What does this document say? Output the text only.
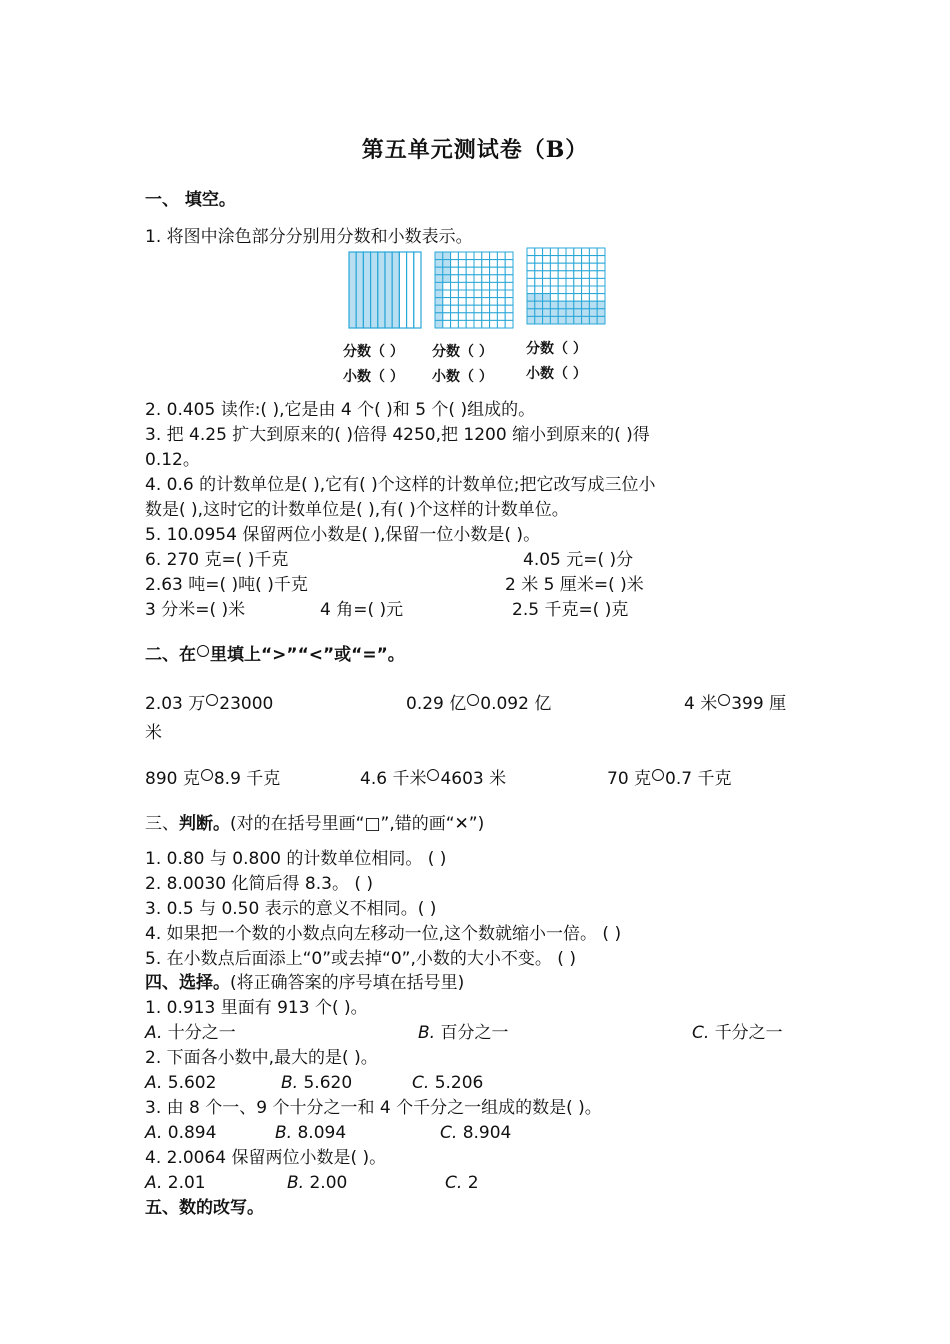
第五单元测试卷（B）
一、 填空。
1. 将图中涂色部分分别用分数和小数表示。
分数（ ）
小数（ ）
分数（ ）
小数（ ）
分数（ ）
小数（ ）
2. 0.405 读作:( ),它是由 4 个( )和 5 个( )组成的。
3. 把 4.25 扩大到原来的( )倍得 4250,把 1200 缩小到原来的( )得
0.12。
4. 0.6 的计数单位是( ),它有( )个这样的计数单位;把它改写成三位小
数是( ),这时它的计数单位是( ),有( )个这样的计数单位。
5. 10.0954 保留两位小数是( ),保留一位小数是( )。
6. 270 克=( )千克	4.05 元=( )分
2.63 吨=( )吨( )千克	2 米 5 厘米=( )米
3 分米=( )米	4 角=( )元	2.5 千克=( )克
二、在 里填上“>”“<”或“=”。
2.03 万 23000	0.29 亿 0.092 亿	4 米 399 厘
米
890 克 8.9 千克	4.6 千米 4603 米	70 克 0.7 千克
三、判断。(对的在括号里画“□”,错的画“✕”)
1. 0.80 与 0.800 的计数单位相同。 ( )
2. 8.0030 化简后得 8.3。 ( )
3. 0.5 与 0.50 表示的意义不相同。( )
4. 如果把一个数的小数点向左移动一位,这个数就缩小一倍。 ( )
5. 在小数点后面添上“0”或去掉“0”,小数的大小不变。 ( )
四、选择。(将正确答案的序号填在括号里)
1. 0.913 里面有 913 个( )。
A. 十分之一	B. 百分之一	C. 千分之一
2. 下面各小数中,最大的是( )。
A. 5.602	B. 5.620	C. 5.206
3. 由 8 个一、9 个十分之一和 4 个千分之一组成的数是( )。
A. 0.894	B. 8.094	C. 8.904
4. 2.0064 保留两位小数是( )。
A. 2.01	B. 2.00	C. 2
五、数的改写。
